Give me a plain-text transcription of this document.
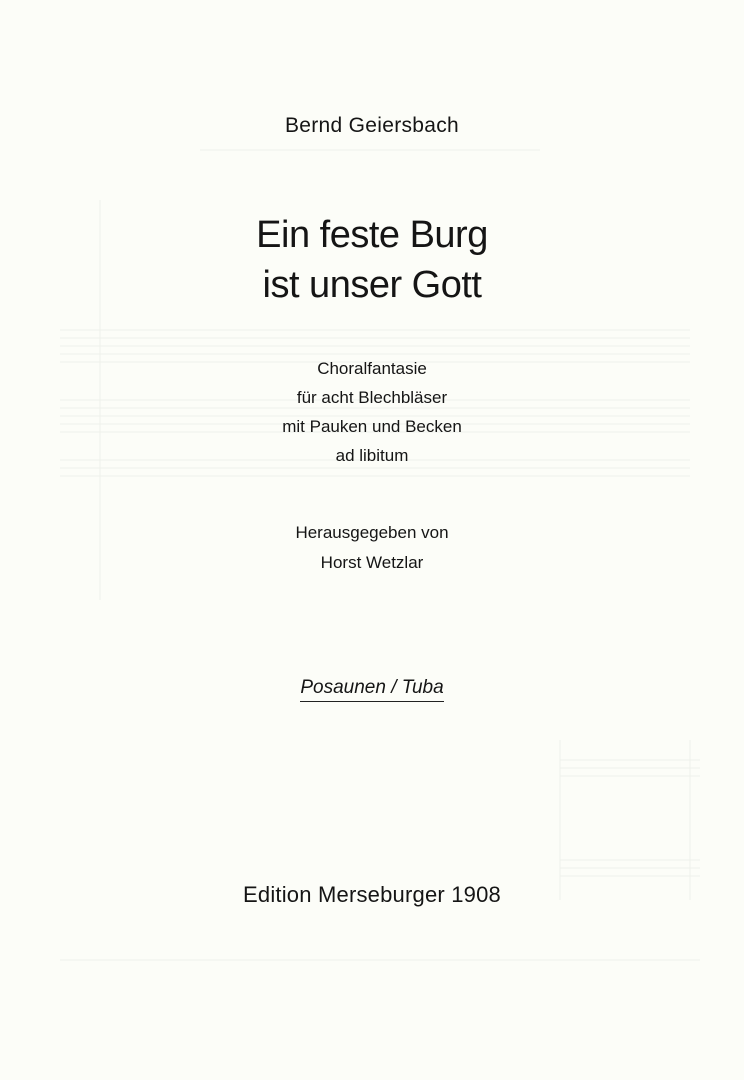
Bernd Geiersbach
Ein feste Burg
ist unser Gott
Choralfantasie
für acht Blechbläser
mit Pauken und Becken
ad libitum
Herausgegeben von
Horst Wetzlar
Posaunen / Tuba
Edition Merseburger 1908
